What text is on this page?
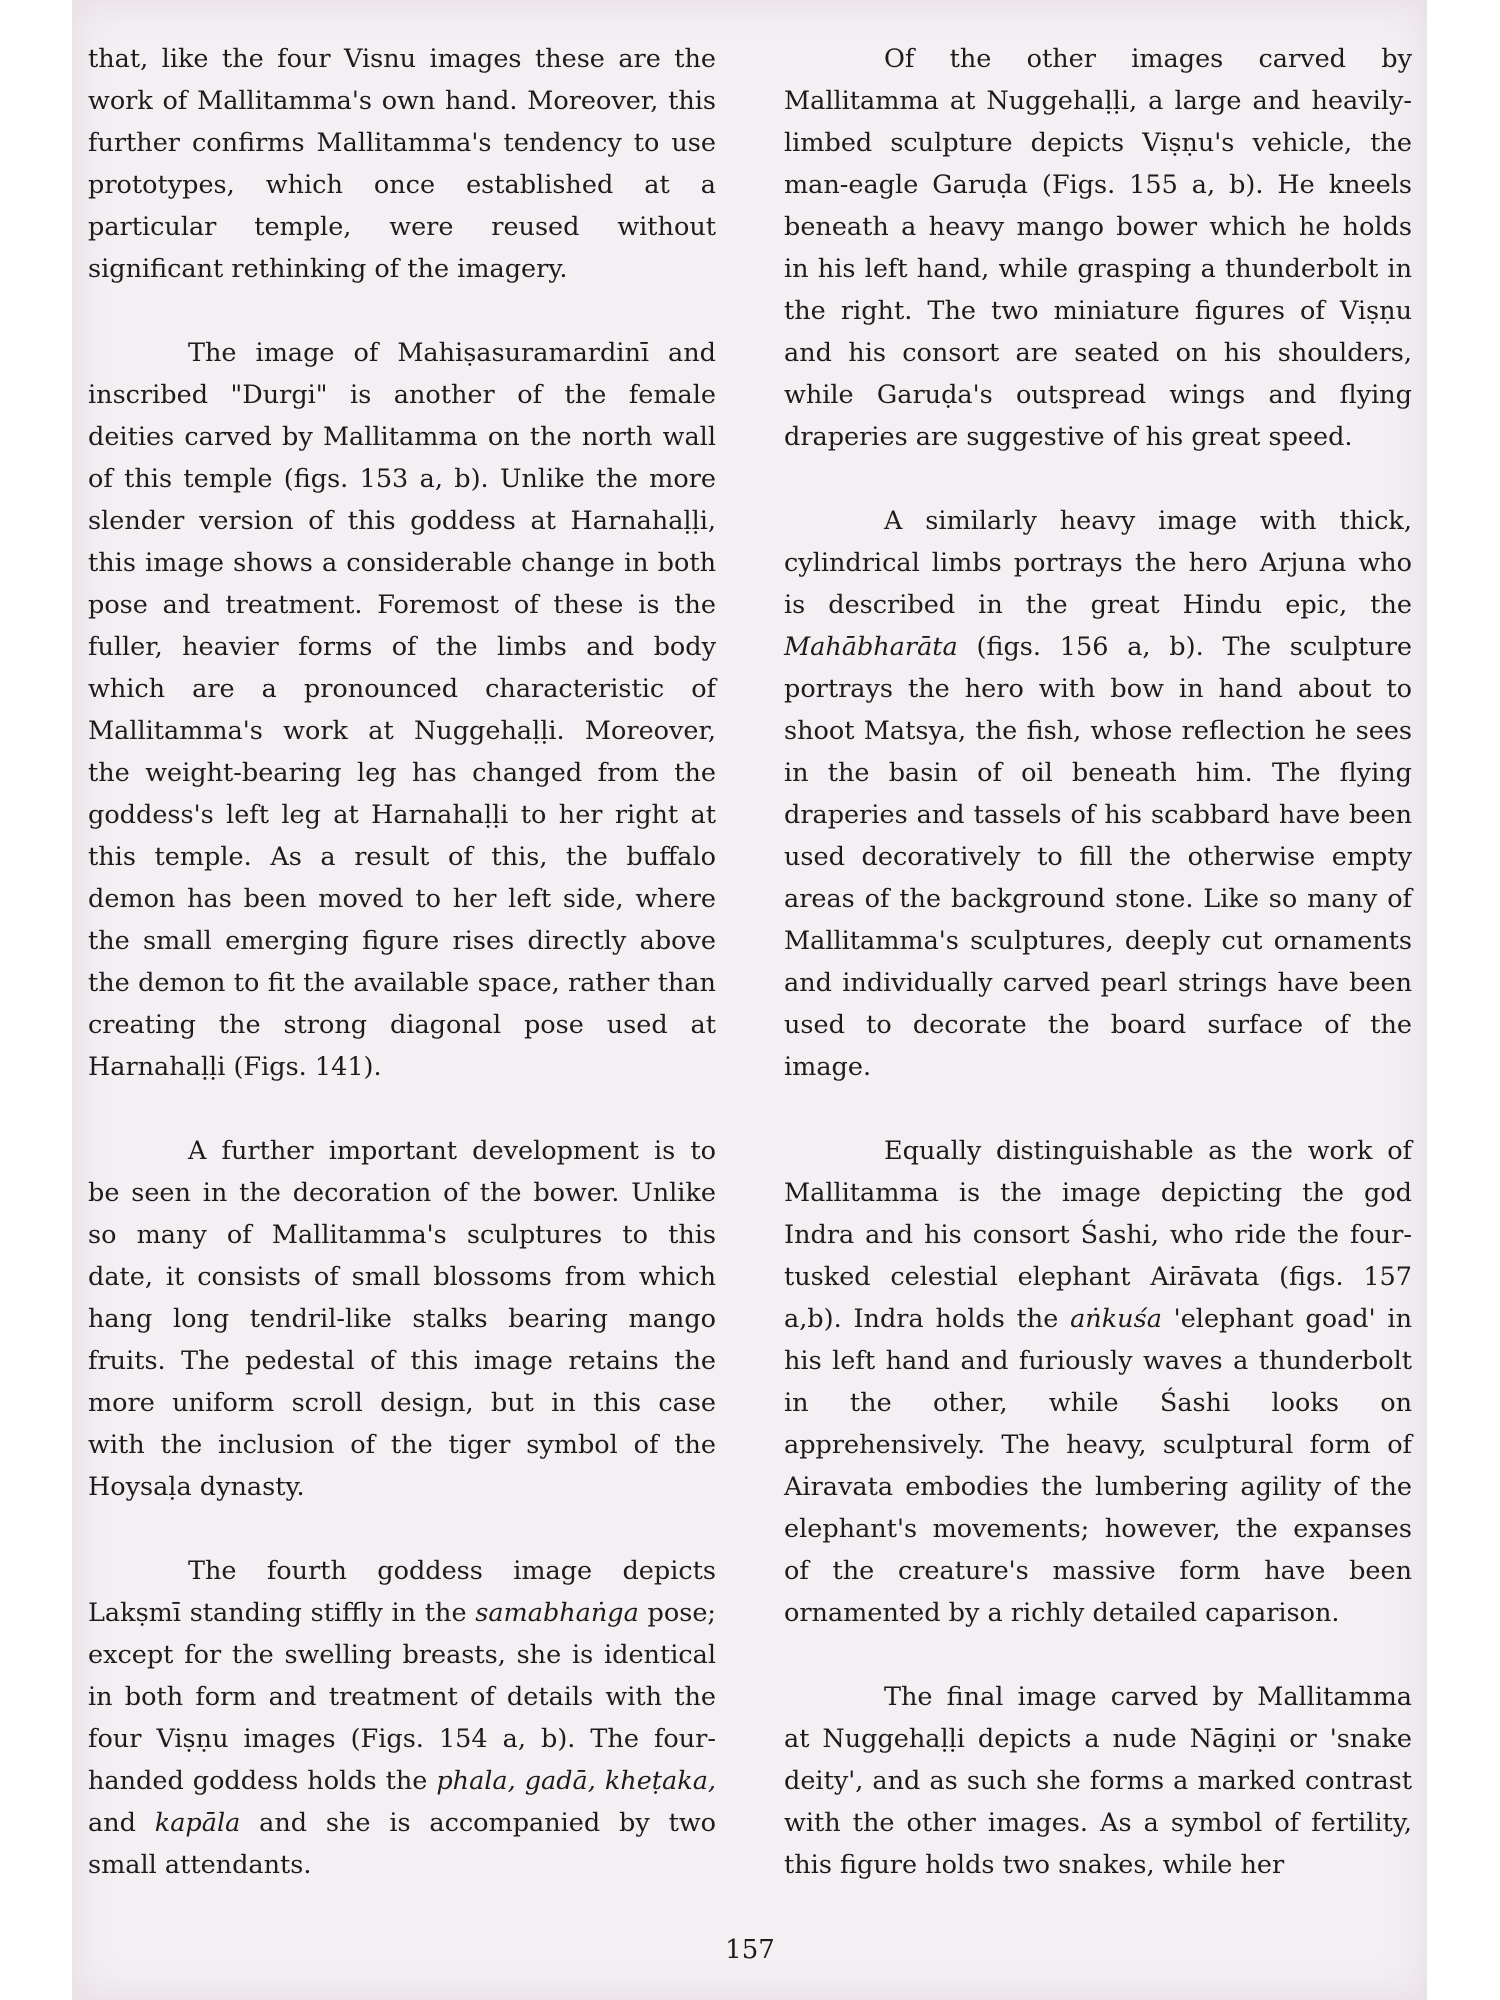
that, like the four Visnu images these are the work of Mallitamma's own hand. Moreover, this further confirms Mallitamma's tendency to use prototypes, which once established at a particular temple, were reused without significant rethinking of the imagery.

The image of Mahiṣasuramardinī and inscribed "Durgi" is another of the female deities carved by Mallitamma on the north wall of this temple (figs. 153 a, b). Unlike the more slender version of this goddess at Harnahaḷḷi, this image shows a considerable change in both pose and treatment. Foremost of these is the fuller, heavier forms of the limbs and body which are a pronounced characteristic of Mallitamma's work at Nuggehaḷḷi. Moreover, the weight-bearing leg has changed from the goddess's left leg at Harnahaḷḷi to her right at this temple. As a result of this, the buffalo demon has been moved to her left side, where the small emerging figure rises directly above the demon to fit the available space, rather than creating the strong diagonal pose used at Harnahaḷḷi (Figs. 141).

A further important development is to be seen in the decoration of the bower. Unlike so many of Mallitamma's sculptures to this date, it consists of small blossoms from which hang long tendril-like stalks bearing mango fruits. The pedestal of this image retains the more uniform scroll design, but in this case with the inclusion of the tiger symbol of the Hoysaḷa dynasty.

The fourth goddess image depicts Lakṣmī standing stiffly in the samabhaṅga pose; except for the swelling breasts, she is identical in both form and treatment of details with the four Viṣṇu images (Figs. 154 a, b). The four-handed goddess holds the phala, gadā, kheṭaka, and kapāla and she is accompanied by two small attendants.

Of the other images carved by Mallitamma at Nuggehaḷḷi, a large and heavily-limbed sculpture depicts Viṣṇu's vehicle, the man-eagle Garuḍa (Figs. 155 a, b). He kneels beneath a heavy mango bower which he holds in his left hand, while grasping a thunderbolt in the right. The two miniature figures of Viṣṇu and his consort are seated on his shoulders, while Garuḍa's outspread wings and flying draperies are suggestive of his great speed.

A similarly heavy image with thick, cylindrical limbs portrays the hero Arjuna who is described in the great Hindu epic, the Mahābharāta (figs. 156 a, b). The sculpture portrays the hero with bow in hand about to shoot Matsya, the fish, whose reflection he sees in the basin of oil beneath him. The flying draperies and tassels of his scabbard have been used decoratively to fill the otherwise empty areas of the background stone. Like so many of Mallitamma's sculptures, deeply cut ornaments and individually carved pearl strings have been used to decorate the board surface of the image.

Equally distinguishable as the work of Mallitamma is the image depicting the god Indra and his consort Śashi, who ride the four-tusked celestial elephant Airāvata (figs. 157 a,b). Indra holds the aṅkuśa 'elephant goad' in his left hand and furiously waves a thunderbolt in the other, while Śashi looks on apprehensively. The heavy, sculptural form of Airavata embodies the lumbering agility of the elephant's movements; however, the expanses of the creature's massive form have been ornamented by a richly detailed caparison.

The final image carved by Mallitamma at Nuggehaḷḷi depicts a nude Nāgiṇi or 'snake deity', and as such she forms a marked contrast with the other images. As a symbol of fertility, this figure holds two snakes, while her

157
